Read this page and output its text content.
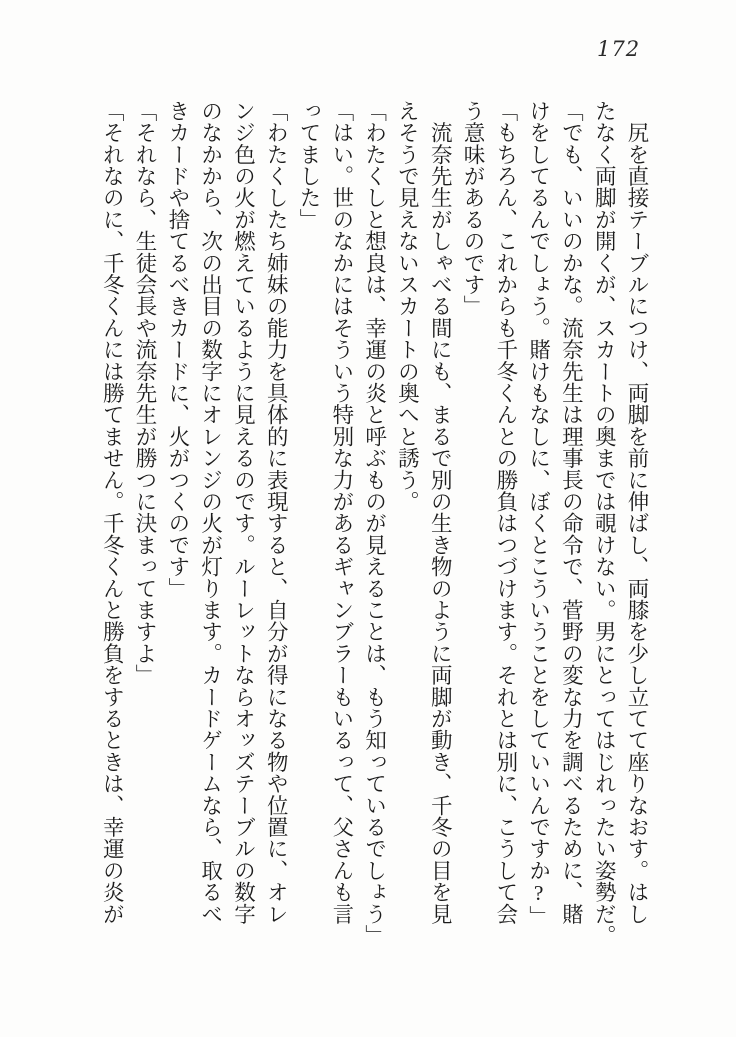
172

　尻を直接テーブルにつけ、両脚を前に伸ばし、両膝を少し立てて座りなおす。はし

たなく両脚が開くが、スカートの奥までは覗けない。男にとってはじれったい姿勢だ。

「でも、いいのかな。流奈先生は理事長の命令で、菅野の変な力を調べるために、賭

けをしてるんでしょう。賭けもなしに、ぼくとこういうことをしていいんですか?」

「もちろん、これからも千冬くんとの勝負はつづけます。それとは別に、こうして会

う意味があるのです」

　流奈先生がしゃべる間にも、まるで別の生き物のように両脚が動き、千冬の目を見

えそうで見えないスカートの奥へと誘う。

「わたくしと想良は、幸運の炎と呼ぶものが見えることは、もう知っているでしょう」

「はい。世のなかにはそういう特別な力があるギャンブラーもいるって、父さんも言

ってました」

「わたくしたち姉妹の能力を具体的に表現すると、自分が得になる物や位置に、オレ

ンジ色の火が燃えているように見えるのです。ルーレットならオッズテーブルの数字

のなかから、次の出目の数字にオレンジの火が灯ります。カードゲームなら、取るべ

きカードや捨てるべきカードに、火がつくのです」

「それなら、生徒会長や流奈先生が勝つに決まってますよ」

「それなのに、千冬くんには勝てません。千冬くんと勝負をするときは、幸運の炎が
